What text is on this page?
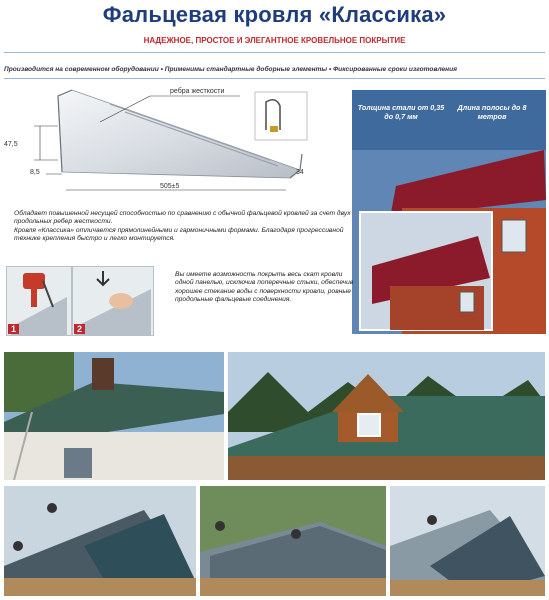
Фальцевая кровля «Классика»
НАДЕЖНОЕ, ПРОСТОЕ И ЭЛЕГАНТНОЕ КРОВЕЛЬНОЕ ПОКРЫТИЕ
Производится на современном оборудовании • Применимы стандартные доборные элементы • Фиксированные сроки изготовления
ребра жесткости
47,5
8,5
505±5
34
Толщина стали от 0,35 до 0,7 мм
Длина полосы до 8 метров
Обладает повышенной несущей способностью по сравнению с обычной фальцевой кровлей за счет двух продольных ребер жесткости.
Кровля «Классика» отличается прямолинейными и гармоничными формами. Благодаря прогрессивной технике крепления быстро и легко монтируется.
1	2
Вы имеете возможность покрыть весь скат кровли одной панелью, исключив поперечные стыки, обеспечив хорошее стекание воды с поверхности кровли, ровные продольные фальцевые соединения.
